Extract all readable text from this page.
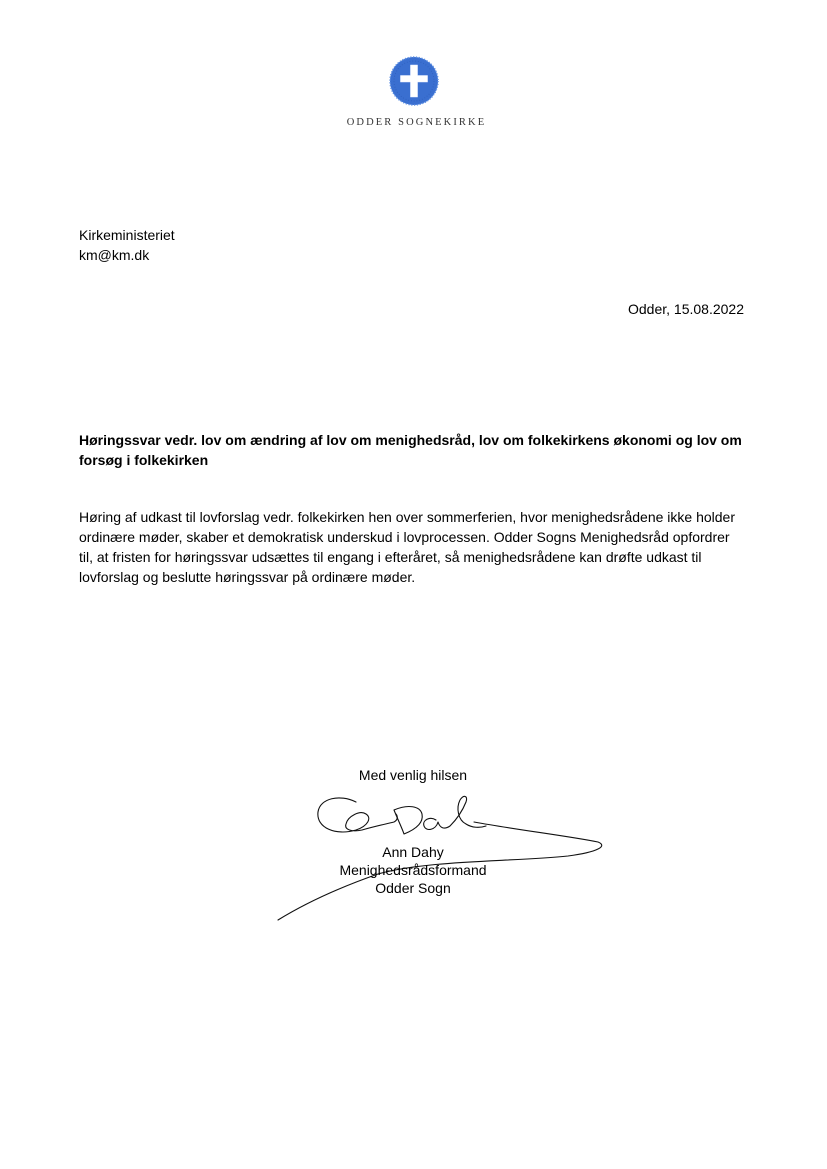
ODDER SOGNEKIRKE
Kirkeministeriet
km@km.dk
Odder, 15.08.2022
Høringssvar vedr. lov om ændring af lov om menighedsråd, lov om folkekirkens økonomi og lov om
forsøg i folkekirken
Høring af udkast til lovforslag vedr. folkekirken hen over sommerferien, hvor menighedsrådene ikke holder
ordinære møder, skaber et demokratisk underskud i lovprocessen. Odder Sogns Menighedsråd opfordrer
til, at fristen for høringssvar udsættes til engang i efteråret, så menighedsrådene kan drøfte udkast til
lovforslag og beslutte høringssvar på ordinære møder.
Med venlig hilsen
Ann Dahy
Menighedsrådsformand
Odder Sogn
